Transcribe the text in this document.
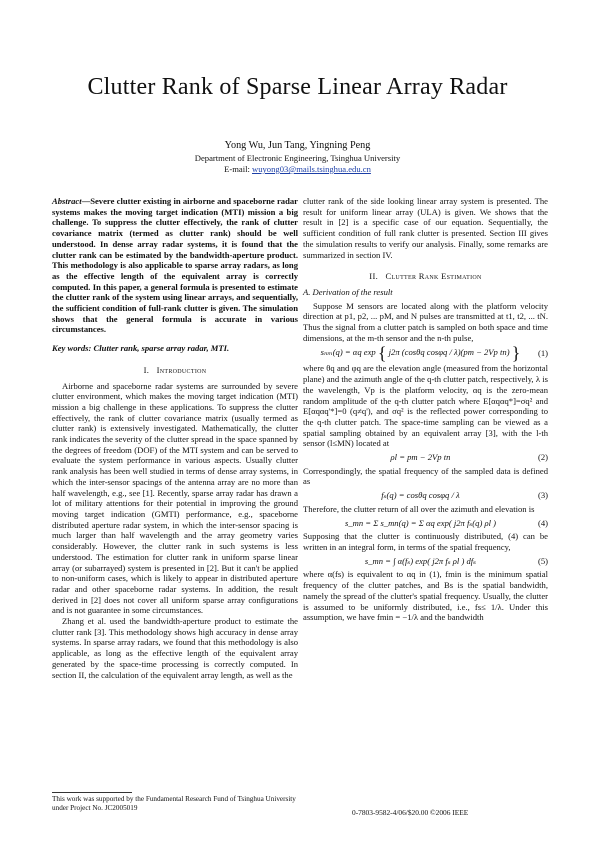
Clutter Rank of Sparse Linear Array Radar
Yong Wu, Jun Tang, Yingning Peng
Department of Electronic Engineering, Tsinghua University
E-mail: wuyong03@mails.tsinghua.edu.cn

Abstract—Severe clutter existing in airborne and spaceborne radar systems makes the moving target indication (MTI) mission a big challenge. To suppress the clutter effectively, the rank of clutter covariance matrix (termed as clutter rank) should be well understood. In dense array radar systems, it is found that the clutter rank can be estimated by the bandwidth-aperture product. This methodology is also applicable to sparse array radars, as long as the effective length of the equivalent array is correctly computed. In this paper, a general formula is presented to estimate the clutter rank of the system using linear arrays, and sequentially, the sufficient condition of full-rank clutter is given. The simulation shows that the general formula is accurate in various circumstances.

Key words: Clutter rank, sparse array radar, MTI.

I. Introduction

Airborne and spaceborne radar systems are surrounded by severe clutter environment, which makes the moving target indication (MTI) mission a big challenge in these applications. To suppress the clutter effectively, the rank of clutter covariance matrix (usually termed as clutter rank) is extensively investigated. Mathematically, the clutter rank indicates the severity of the clutter spread in the space spanned by the degrees of freedom (DOF) of the MTI system and can be served to evaluate the system performance in various aspects. Usually clutter rank analysis has been well studied in terms of dense array systems, in which the inter-sensor spacings of the antenna array are no more than half wavelength, e.g., see [1]. Recently, sparse array radar has drawn a lot of military attentions for their potential in improving the ground moving target indication (GMTI) performance, e.g., spaceborne distributed aperture radar system, in which the inter-sensor spacing is much larger than half wavelength and the array geometry varies considerably. However, the clutter rank in such systems is less understood. The estimation for clutter rank in uniform sparse linear array (or subarrayed) system is presented in [2]. But it can't be applied to non-uniform cases, which is likely to appear in distributed aperture radar and other spaceborne radar systems. In addition, the result derived in [2] does not cover all uniform sparse array configurations and is not guarantee in some circumstances.

Zhang et al. used the bandwidth-aperture product to estimate the clutter rank [3]. This methodology shows high accuracy in dense array systems. In sparse array radars, we found that this methodology is also applicable, as long as the effective length of the equivalent array generated by the space-time processing is correctly computed. In section II, the calculation of the equivalent array length, as well as the

clutter rank of the side looking linear array system is presented. The result for uniform linear array (ULA) is given. We shows that the result in [2] is a specific case of our equation. Sequentially, the sufficient condition of full rank clutter is presented. Section III gives the simulation results to verify our analysis. Finally, some remarks are summarized in section IV.

II. Clutter Rank Estimation
A. Derivation of the result

Suppose M sensors are located along with the platform velocity direction at p1, p2, ... pM, and N pulses are transmitted at t1, t2, ... tN. Thus the signal from a clutter patch is sampled on both space and time dimensions, at the m-th sensor and the n-th pulse,

sₙₘ(q) = αq exp { j2π (cosθq cosφq / λ)(pm − 2Vp tn) }	(1)

where θq and φq are the elevation angle (measured from the horizontal plane) and the azimuth angle of the q-th clutter patch, respectively, λ is the wavelength, Vp is the platform velocity, αq is the zero-mean random amplitude of the q-th clutter patch where E[αqαq*]=σq² and E[αqαq'*]=0 (q≠q'), and σq² is the reflected power corresponding to the q-th clutter patch. The space-time sampling can be viewed as a spatial sampling obtained by an equivalent array [3], with the l-th sensor (l≤MN) located at

ρl = pm − 2Vp tn	(2)

Correspondingly, the spatial frequency of the sampled data is defined as

fₛ(q) = cosθq cosφq / λ	(3)

Therefore, the clutter return of all over the azimuth and elevation is

s_mn = Σ s_mn(q) = Σ αq exp( j2π fₛ(q) ρl )	(4)

Supposing that the clutter is continuously distributed, (4) can be written in an integral form, in terms of the spatial frequency,

s_mn = ∫ α(fₛ) exp( j2π fₛ ρl ) dfₛ	(5)

where α(fs) is equivalent to αq in (1), fmin is the minimum spatial frequency of the clutter patches, and Bs is the spatial bandwidth, namely the spread of the clutter's spatial frequency. Usually, the clutter is assumed to be uniformly distributed, i.e., fs≤ 1/λ. Under this assumption, we have fmin = −1/λ and the bandwidth

This work was supported by the Fundamental Research Fund of Tsinghua University under Project No. JC2005019
0-7803-9582-4/06/$20.00 ©2006 IEEE
